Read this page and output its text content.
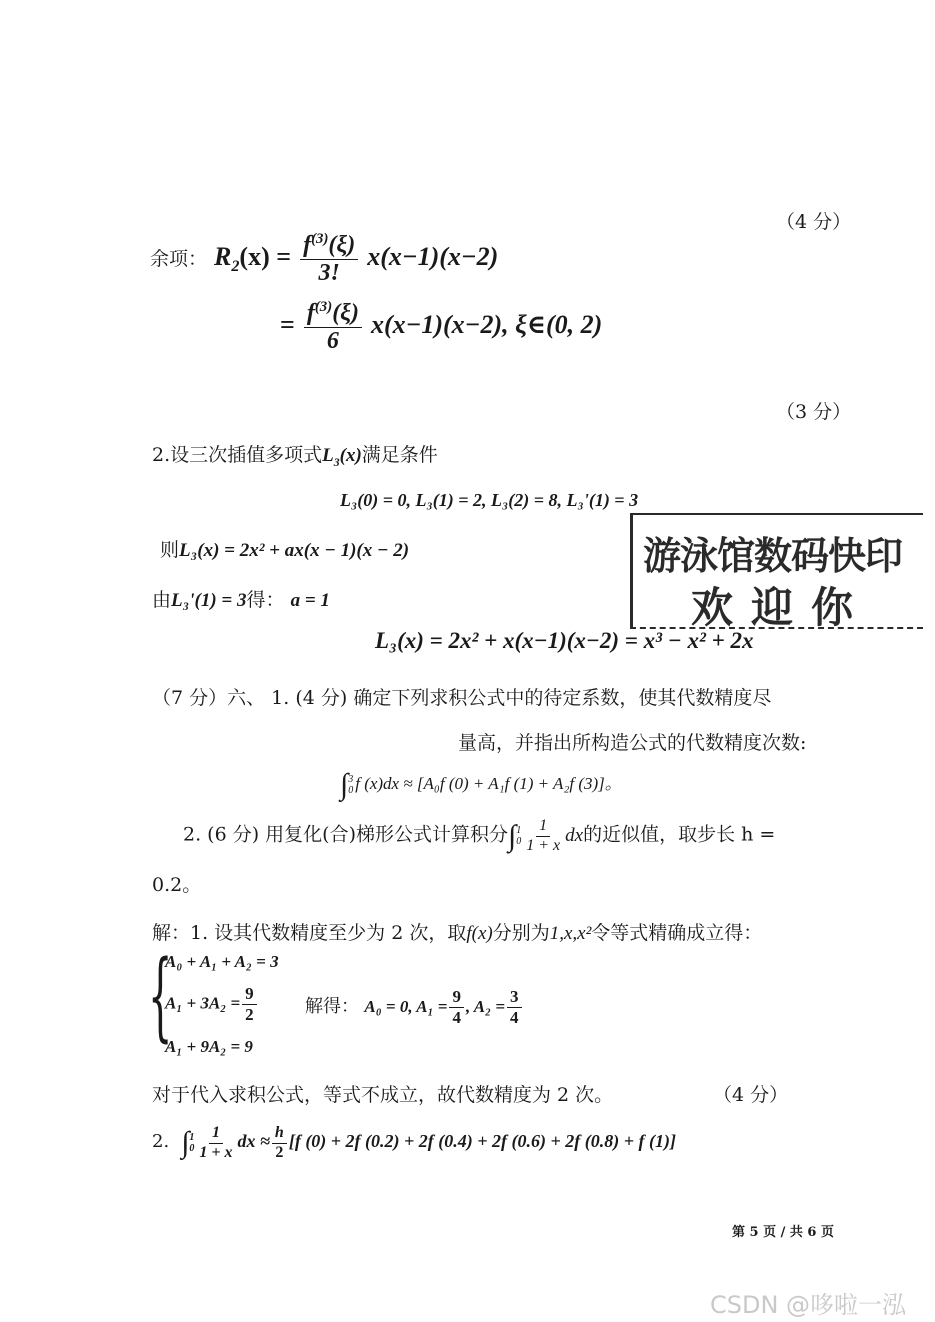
（4 分）
余项： $R_2(x) = \frac{f^{(3)}(\xi)}{3!} x(x-1)(x-2)$
= $\frac{f^{(3)}(\xi)}{6} x(x-1)(x-2)$, ξ∈(0, 2)
（3 分）
2.设三次插值多项式$L_3(x)$满足条件
L₃(0) = 0, L₃(1) = 2, L₃(2) = 8, L₃'(1) = 3
则L₃(x) = 2x² + ax(x − 1)(x − 2)
由L₃'(1) = 3得： a = 1
L₃(x) = 2x² + x(x−1)(x−2) = x³ − x² + 2x
游泳馆数码快印
欢迎你
（7 分）六、 1. (4 分) 确定下列求积公式中的待定系数，使其代数精度尽
量高，并指出所构造公式的代数精度次数:
∫ 3
0 f (x)dx ≈ [A₀f (0) + A₁f (1) + A₂f (3)]。
2. (6 分) 用复化(合)梯形公式计算积分∫ 1
$0 \frac{1}{1 + x}$ dx的近似值，取步长 h =
0.2。
解：1. 设其代数精度至少为 2 次，取f(x)分别为1,x,x²令等式精确成立得：
{
A₀ + A₁ + A₂ = 3
$A_1 + 3A_2 = \frac{9}{2}$
A₁ + 9A₂ = 9
解得： A₀ = 0, $A_1 = \frac{9}{4}$ , $A_2 = \frac{3}{4}$
对于代入求积公式，等式不成立，故代数精度为 2 次。	（4 分）
2. ∫ 1
$0 \frac{1}{1 + x}$ dx ≈ $\frac{h}{2} [f$ (0) + 2f (0.2) + 2f (0.4) + 2f (0.6) + 2f (0.8) + f (1)]
第 5 页 / 共 6 页
CSDN @哆啦一泓
